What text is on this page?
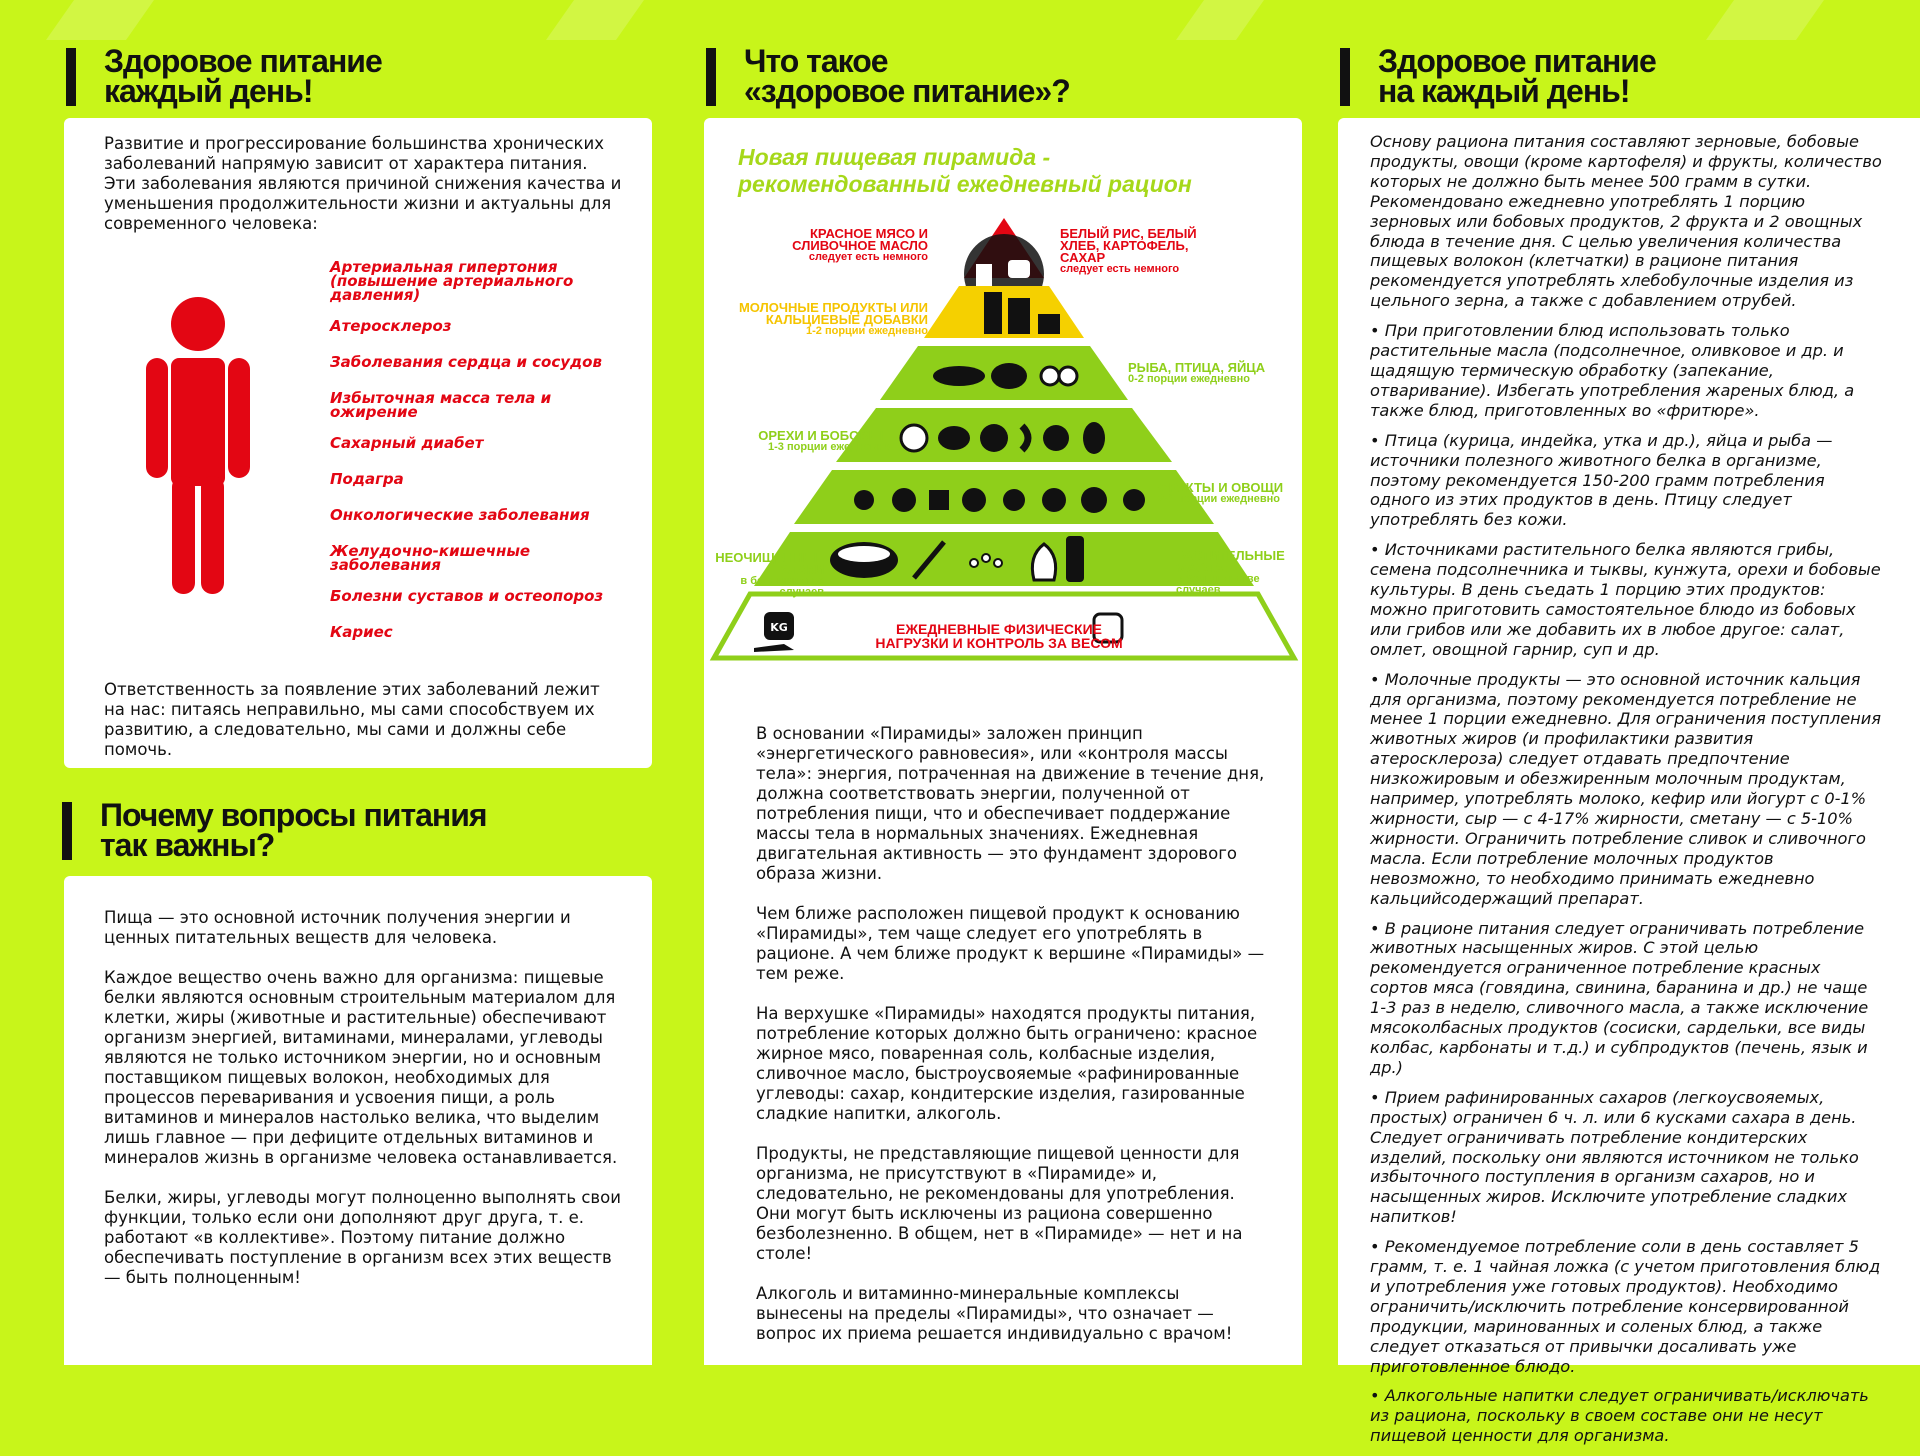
Здоровое питание
каждый день!

Развитие и прогрессирование большинства хронических заболеваний напрямую зависит от характера питания. Эти заболевания являются причиной снижения качества и уменьшения продолжительности жизни и актуальны для современного человека:

Артериальная гипертония (повышение артериального давления)
Атеросклероз
Заболевания сердца и сосудов
Избыточная масса тела и ожирение
Сахарный диабет
Подагра
Онкологические заболевания
Желудочно-кишечные заболевания
Болезни суставов и остеопороз
Кариес

Ответственность за появление этих заболеваний лежит на нас: питаясь неправильно, мы сами способствуем их развитию, а следовательно, мы сами и должны себе помочь.

Почему вопросы питания
так важны?

Пища — это основной источник получения энергии и ценных питательных веществ для человека.

Каждое вещество очень важно для организма: пищевые белки являются основным строительным материалом для клетки, жиры (животные и растительные) обеспечивают организм энергией, витаминами, минералами, углеводы являются не только источником энергии, но и основным поставщиком пищевых волокон, необходимых для процессов переваривания и усвоения пищи, а роль витаминов и минералов настолько велика, что выделим лишь главное — при дефиците отдельных витаминов и минералов жизнь в организме человека останавливается.

Белки, жиры, углеводы могут полноценно выполнять свои функции, только если они дополняют друг друга, т. е. работают «в коллективе». Поэтому питание должно обеспечивать поступление в организм всех этих веществ — быть полноценным!

Что такое
«здоровое питание»?
Новая пищевая пирамида -
рекомендованный ежедневный рацион
KG
КРАСНОЕ МЯСО И СЛИВОЧНОЕ МАСЛО
следует есть немного
БЕЛЫЙ РИС, БЕЛЫЙ ХЛЕБ, КАРТОФЕЛЬ, САХАР
следует есть немного
МОЛОЧНЫЕ ПРОДУКТЫ ИЛИ КАЛЬЦИЕВЫЕ ДОБАВКИ
1-2 порции ежедневно
РЫБА, ПТИЦА, ЯЙЦА
0-2 порции ежедневно
ОРЕХИ И БОБОВЫЕ
1-3 порции ежедневно
ФРУКТЫ И ОВОЩИ
2-3 порции ежедневно
НЕОЧИЩЕННЫЕ ЗЛАКИ
в большинстве случаев
РАСТИТЕЛЬНЫЕ МАСЛА:
в большинстве случаев
ЕЖЕДНЕВНЫЕ ФИЗИЧЕСКИЕ НАГРУЗКИ И КОНТРОЛЬ ЗА ВЕСОМ

В основании «Пирамиды» заложен принцип «энергетического равновесия», или «контроля массы тела»: энергия, потраченная на движение в течение дня, должна соответствовать энергии, полученной от потребления пищи, что и обеспечивает поддержание массы тела в нормальных значениях. Ежедневная двигательная активность — это фундамент здорового образа жизни.

Чем ближе расположен пищевой продукт к основанию «Пирамиды», тем чаще следует его употреблять в рационе. А чем ближе продукт к вершине «Пирамиды» — тем реже.

На верхушке «Пирамиды» находятся продукты питания, потребление которых должно быть ограничено: красное жирное мясо, поваренная соль, колбасные изделия, сливочное масло, быстроусвояемые «рафинированные углеводы: сахар, кондитерские изделия, газированные сладкие напитки, алкоголь.

Продукты, не представляющие пищевой ценности для организма, не присутствуют в «Пирамиде» и, следовательно, не рекомендованы для употребления. Они могут быть исключены из рациона совершенно безболезненно. В общем, нет в «Пирамиде» — нет и на столе!

Алкоголь и витаминно-минеральные комплексы вынесены на пределы «Пирамиды», что означает — вопрос их приема решается индивидуально с врачом!

Здоровое питание
на каждый день!

Основу рациона питания составляют зерновые, бобовые продукты, овощи (кроме картофеля) и фрукты, количество которых не должно быть менее 500 грамм в сутки. Рекомендовано ежедневно употреблять 1 порцию зерновых или бобовых продуктов, 2 фрукта и 2 овощных блюда в течение дня. С целью увеличения количества пищевых волокон (клетчатки) в рационе питания рекомендуется употреблять хлебобулочные изделия из цельного зерна, а также с добавлением отрубей.

• При приготовлении блюд использовать только растительные масла (подсолнечное, оливковое и др. и щадящую термическую обработку (запекание, отваривание). Избегать употребления жареных блюд, а также блюд, приготовленных во «фритюре».

• Птица (курица, индейка, утка и др.), яйца и рыба — источники полезного животного белка в организме, поэтому рекомендуется 150-200 грамм потребления одного из этих продуктов в день. Птицу следует употреблять без кожи.

• Источниками растительного белка являются грибы, семена подсолнечника и тыквы, кунжута, орехи и бобовые культуры. В день съедать 1 порцию этих продуктов: можно приготовить самостоятельное блюдо из бобовых или грибов или же добавить их в любое другое: салат, омлет, овощной гарнир, суп и др.

• Молочные продукты — это основной источник кальция для организма, поэтому рекомендуется потребление не менее 1 порции ежедневно. Для ограничения поступления животных жиров (и профилактики развития атеросклероза) следует отдавать предпочтение низкожировым и обезжиренным молочным продуктам, например, употреблять молоко, кефир или йогурт с 0-1% жирности, сыр — с 4-17% жирности, сметану — с 5-10% жирности. Ограничить потребление сливок и сливочного масла. Если потребление молочных продуктов невозможно, то необходимо принимать ежедневно кальцийсодержащий препарат.

• В рационе питания следует ограничивать потребление животных насыщенных жиров. С этой целью рекомендуется ограниченное потребление красных сортов мяса (говядина, свинина, баранина и др.) не чаще 1-3 раз в неделю, сливочного масла, а также исключение мясоколбасных продуктов (сосиски, сардельки, все виды колбас, карбонаты и т.д.) и субпродуктов (печень, язык и др.)

• Прием рафинированных сахаров (легкоусвояемых, простых) ограничен 6 ч. л. или 6 кусками сахара в день. Следует ограничивать потребление кондитерских изделий, поскольку они являются источником не только избыточного поступления в организм сахаров, но и насыщенных жиров. Исключите употребление сладких напитков!

• Рекомендуемое потребление соли в день составляет 5 грамм, т. е. 1 чайная ложка (с учетом приготовления блюд и употребления уже готовых продуктов). Необходимо ограничить/исключить потребление консервированной продукции, маринованных и соленых блюд, а также следует отказаться от привычки досаливать уже приготовленное блюдо.

• Алкогольные напитки следует ограничивать/исключать из рациона, поскольку в своем составе они не несут пищевой ценности для организма.
